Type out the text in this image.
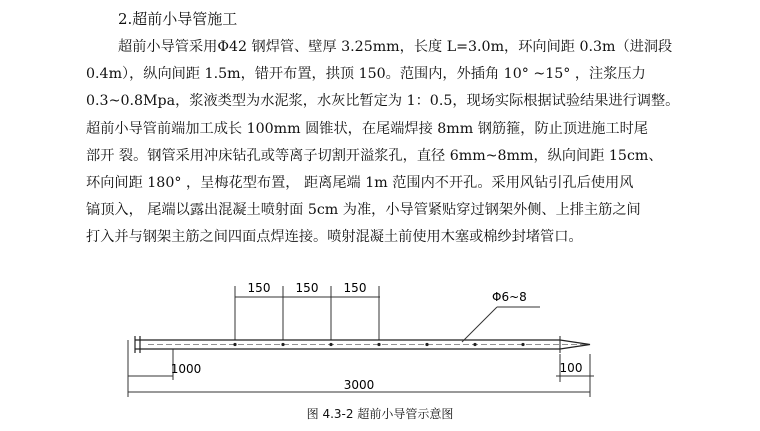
2.超前小导管施工
超前小导管采用Φ42 钢焊管、壁厚 3.25mm，长度 L=3.0m，环向间距 0.3m（进洞段
0.4m），纵向间距 1.5m，错开布置，拱顶 150。范围内，外插角 10° ~15° ，注浆压力
0.3~0.8Mpa，浆液类型为水泥浆，水灰比暂定为 1：0.5，现场实际根据试验结果进行调整。
超前小导管前端加工成长 100mm 圆锥状，在尾端焊接 8mm 钢筋箍，防止顶进施工时尾
部开 裂。钢管采用冲床钻孔或等离子切割开溢浆孔，直径 6mm~8mm，纵向间距 15cm、
环向间距 180° ，呈梅花型布置， 距离尾端 1m 范围内不开孔。采用风钻引孔后使用风
镐顶入， 尾端以露出混凝土喷射面 5cm 为准，小导管紧贴穿过钢架外侧、上排主筋之间
打入并与钢架主筋之间四面点焊连接。喷射混凝土前使用木塞或棉纱封堵管口。
150 150 150
Φ6~8
1000
3000
100
图 4.3-2 超前小导管示意图
